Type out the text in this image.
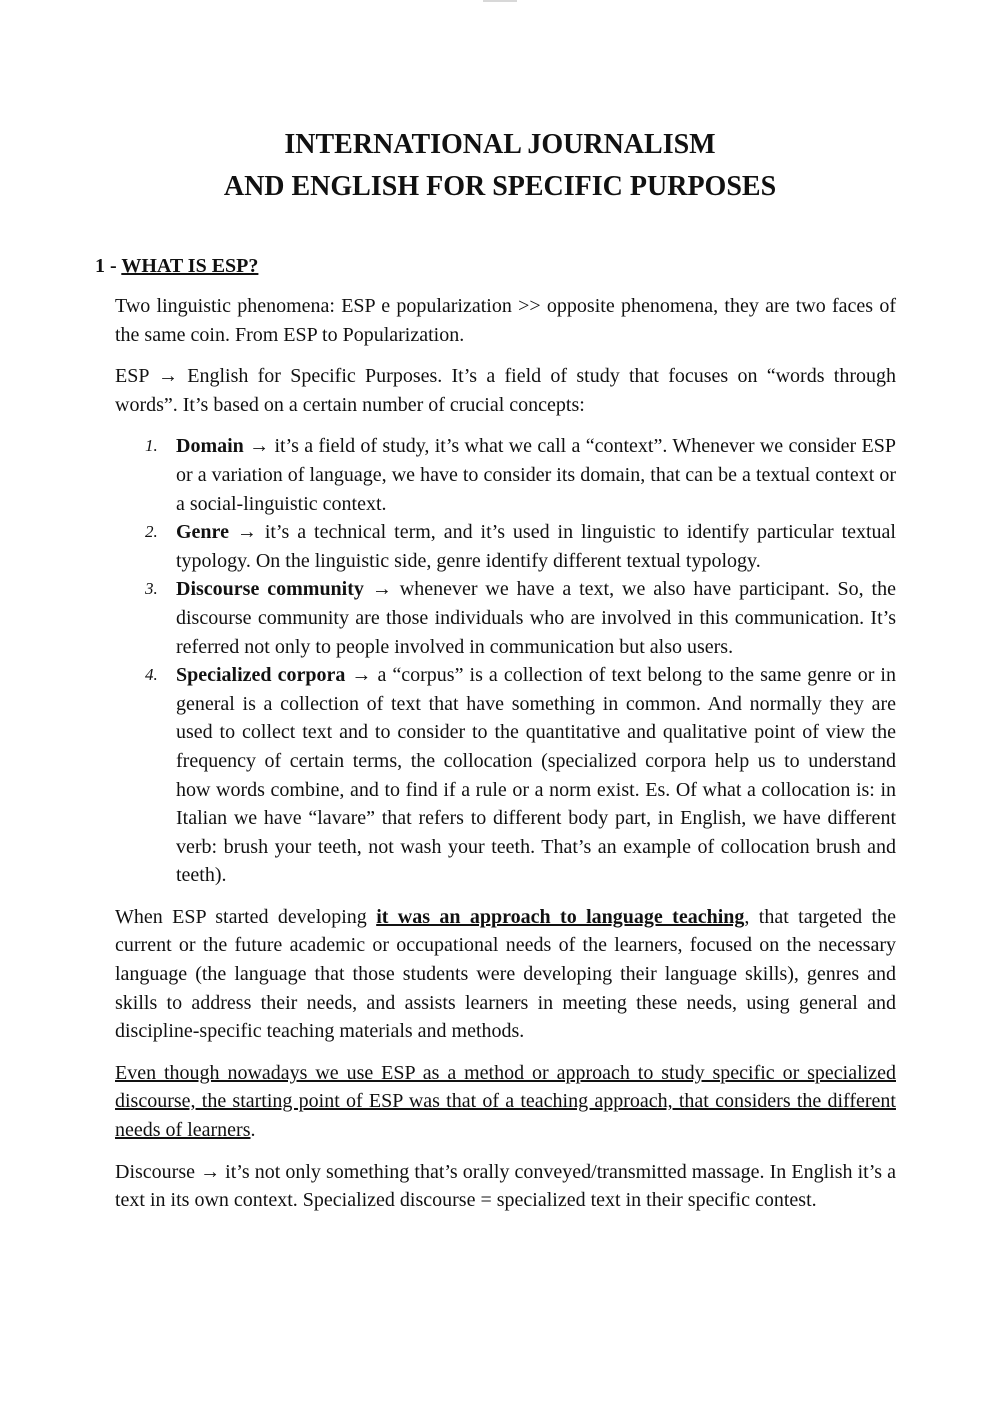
INTERNATIONAL JOURNALISM
AND ENGLISH FOR SPECIFIC PURPOSES
1 - WHAT IS ESP?

Two linguistic phenomena: ESP e popularization >> opposite phenomena, they are two faces of the same coin. From ESP to Popularization.

ESP → English for Specific Purposes. It’s a field of study that focuses on “words through words”. It’s based on a certain number of crucial concepts:

1. Domain → it’s a field of study, it’s what we call a “context”. Whenever we consider ESP or a variation of language, we have to consider its domain, that can be a textual context or a social-linguistic context.
2. Genre → it’s a technical term, and it’s used in linguistic to identify particular textual typology. On the linguistic side, genre identify different textual typology.
3. Discourse community → whenever we have a text, we also have participant. So, the discourse community are those individuals who are involved in this communication. It’s referred not only to people involved in communication but also users.
4. Specialized corpora → a “corpus” is a collection of text belong to the same genre or in general is a collection of text that have something in common. And normally they are used to collect text and to consider to the quantitative and qualitative point of view the frequency of certain terms, the collocation (specialized corpora help us to understand how words combine, and to find if a rule or a norm exist. Es. Of what a collocation is: in Italian we have “lavare” that refers to different body part, in English, we have different verb: brush your teeth, not wash your teeth. That’s an example of collocation brush and teeth).

When ESP started developing it was an approach to language teaching, that targeted the current or the future academic or occupational needs of the learners, focused on the necessary language (the language that those students were developing their language skills), genres and skills to address their needs, and assists learners in meeting these needs, using general and discipline-specific teaching materials and methods.

Even though nowadays we use ESP as a method or approach to study specific or specialized discourse, the starting point of ESP was that of a teaching approach, that considers the different needs of learners.

Discourse → it’s not only something that’s orally conveyed/transmitted massage. In English it’s a text in its own context. Specialized discourse = specialized text in their specific contest.
